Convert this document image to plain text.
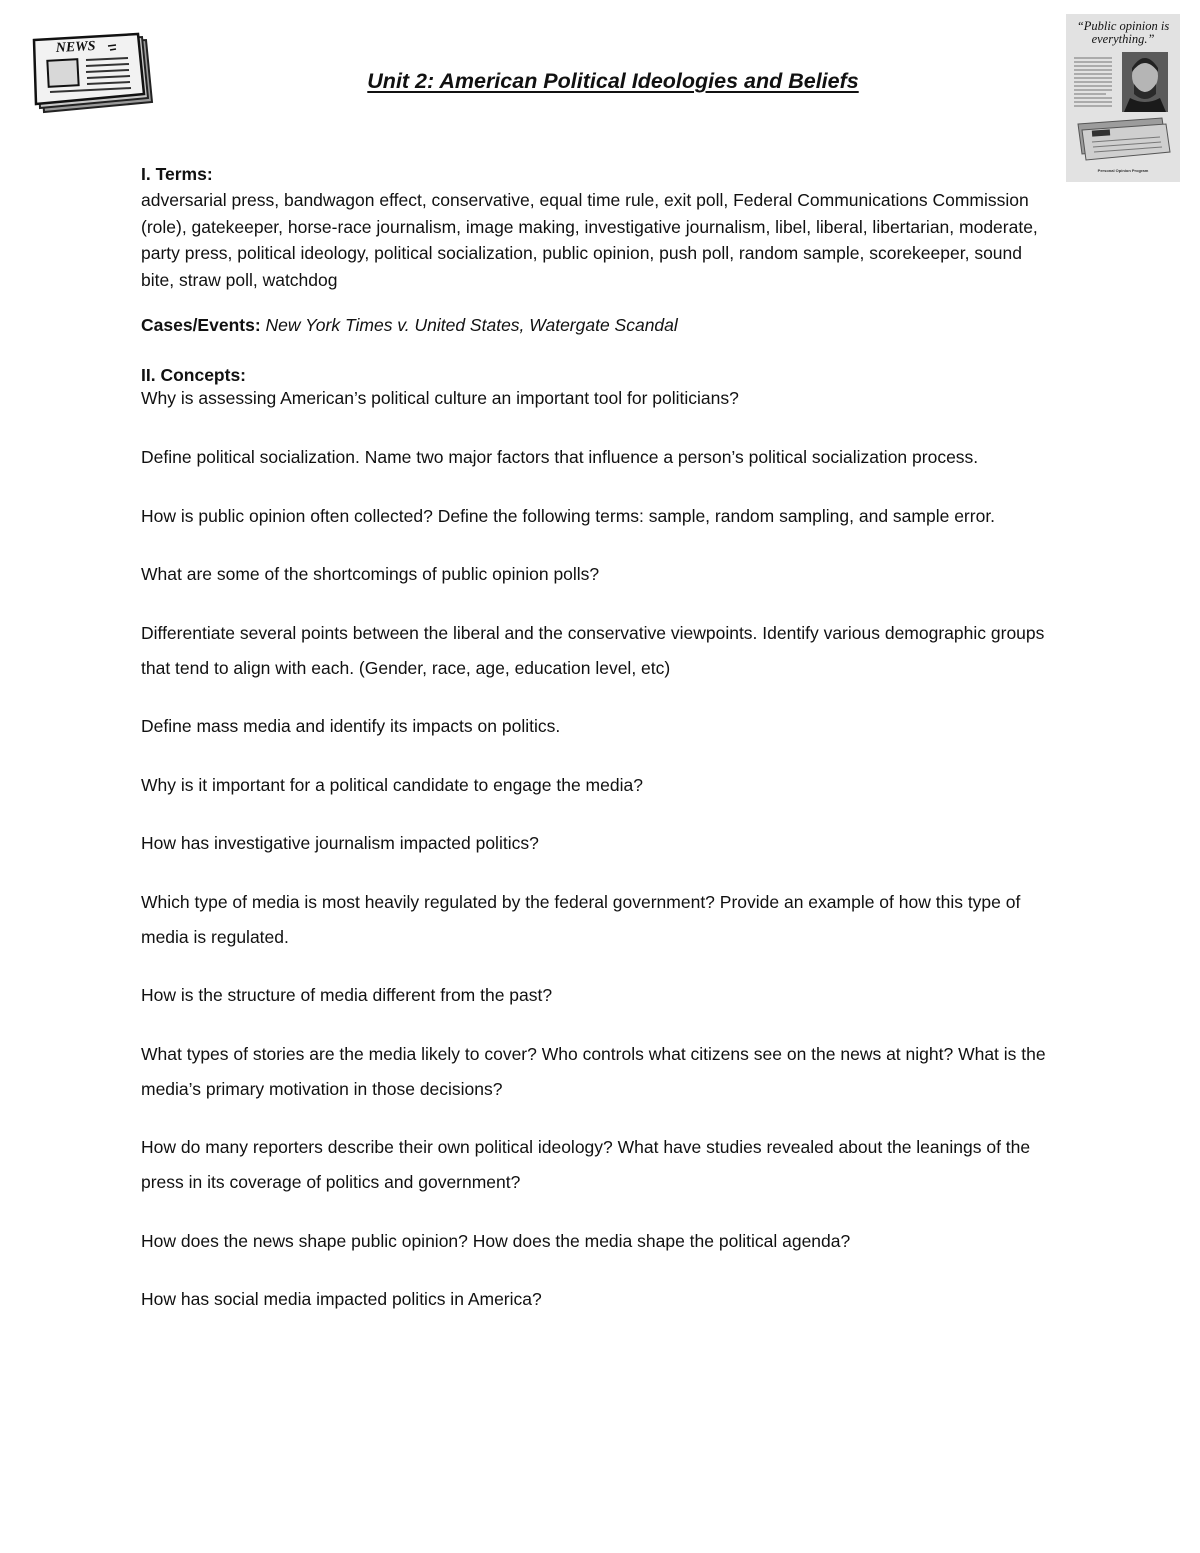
NEWS
“Public opinion is everything.”
Personal Opinion Program
Unit 2: American Political Ideologies and Beliefs
I. Terms:

adversarial press, bandwagon effect, conservative, equal time rule, exit poll, Federal Communications Commission (role), gatekeeper, horse-race journalism, image making, investigative journalism, libel, liberal, libertarian, moderate, party press, political ideology, political socialization, public opinion, push poll, random sample, scorekeeper, sound bite, straw poll, watchdog

Cases/Events: New York Times v. United States, Watergate Scandal
II. Concepts:
Why is assessing American’s political culture an important tool for politicians?
Define political socialization. Name two major factors that influence a person’s political socialization process.
How is public opinion often collected? Define the following terms: sample, random sampling, and sample error.
What are some of the shortcomings of public opinion polls?
Differentiate several points between the liberal and the conservative viewpoints. Identify various demographic groups that tend to align with each. (Gender, race, age, education level, etc)
Define mass media and identify its impacts on politics.
Why is it important for a political candidate to engage the media?
How has investigative journalism impacted politics?
Which type of media is most heavily regulated by the federal government? Provide an example of how this type of media is regulated.
How is the structure of media different from the past?
What types of stories are the media likely to cover? Who controls what citizens see on the news at night? What is the media’s primary motivation in those decisions?
How do many reporters describe their own political ideology? What have studies revealed about the leanings of the press in its coverage of politics and government?
How does the news shape public opinion? How does the media shape the political agenda?
How has social media impacted politics in America?
